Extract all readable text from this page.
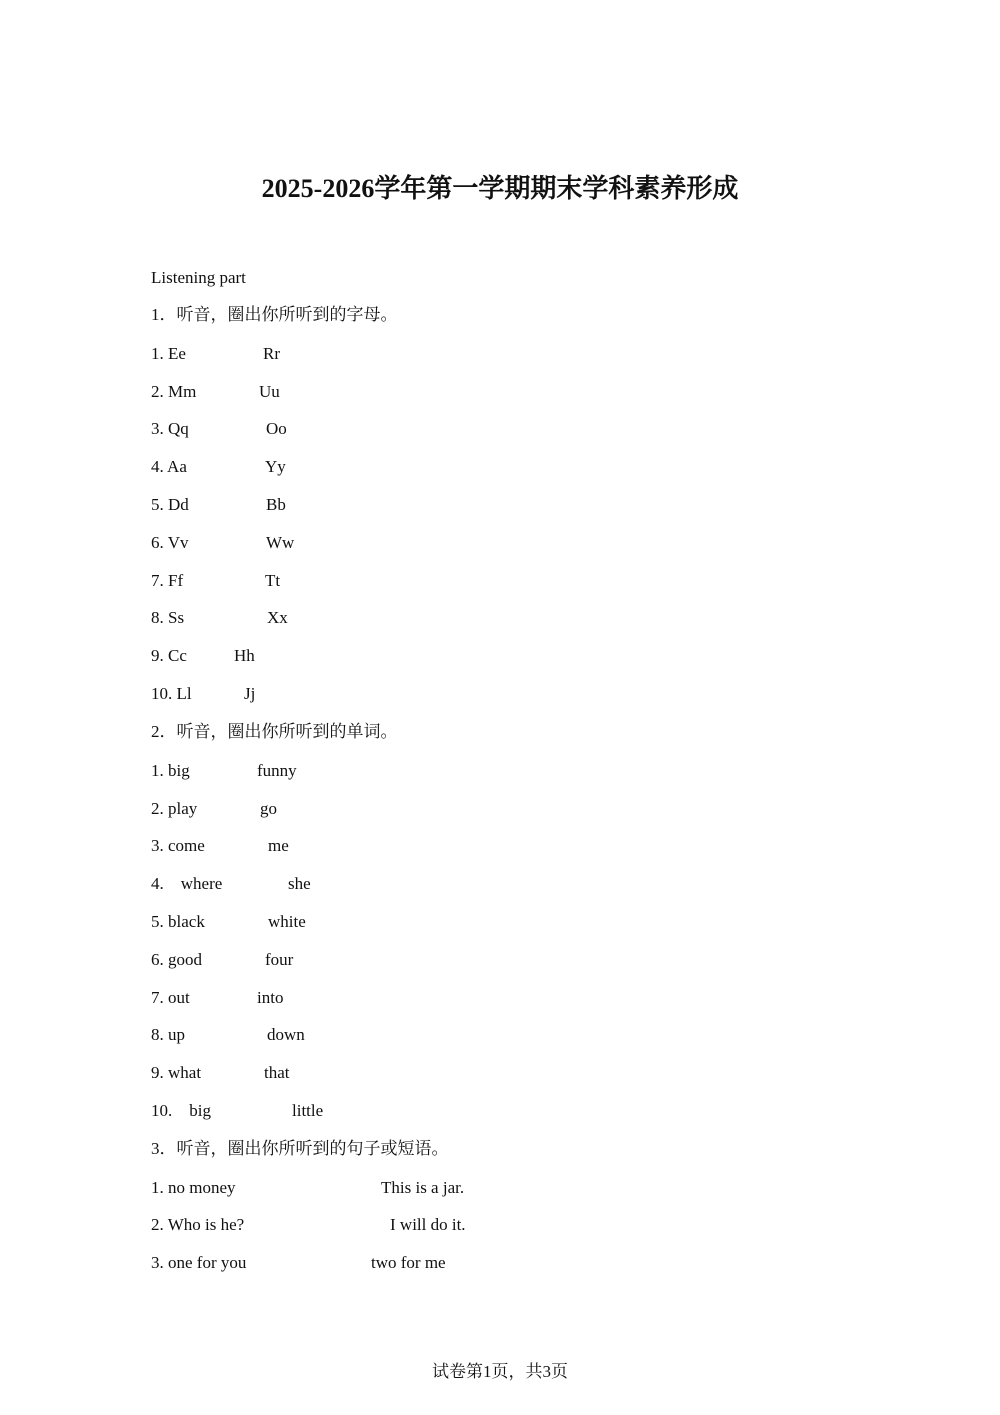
2025-2026学年第一学期期末学科素养形成
Listening part
1．听音，圈出你所听到的字母。
1. Ee	Rr
2. Mm	Uu
3. Qq	Oo
4. Aa	Yy
5. Dd	Bb
6. Vv	Ww
7. Ff	Tt
8. Ss	Xx
9. Cc	Hh
10. Ll	Jj
2．听音，圈出你所听到的单词。
1. big	funny
2. play	go
3. come	me
4.    where	she
5. black	white
6. good	four
7. out	into
8. up	down
9. what	that
10.    big	little
3．听音，圈出你所听到的句子或短语。
1. no money	This is a jar.
2. Who is he?	I will do it.
3. one for you	two for me
试卷第1页，共3页
